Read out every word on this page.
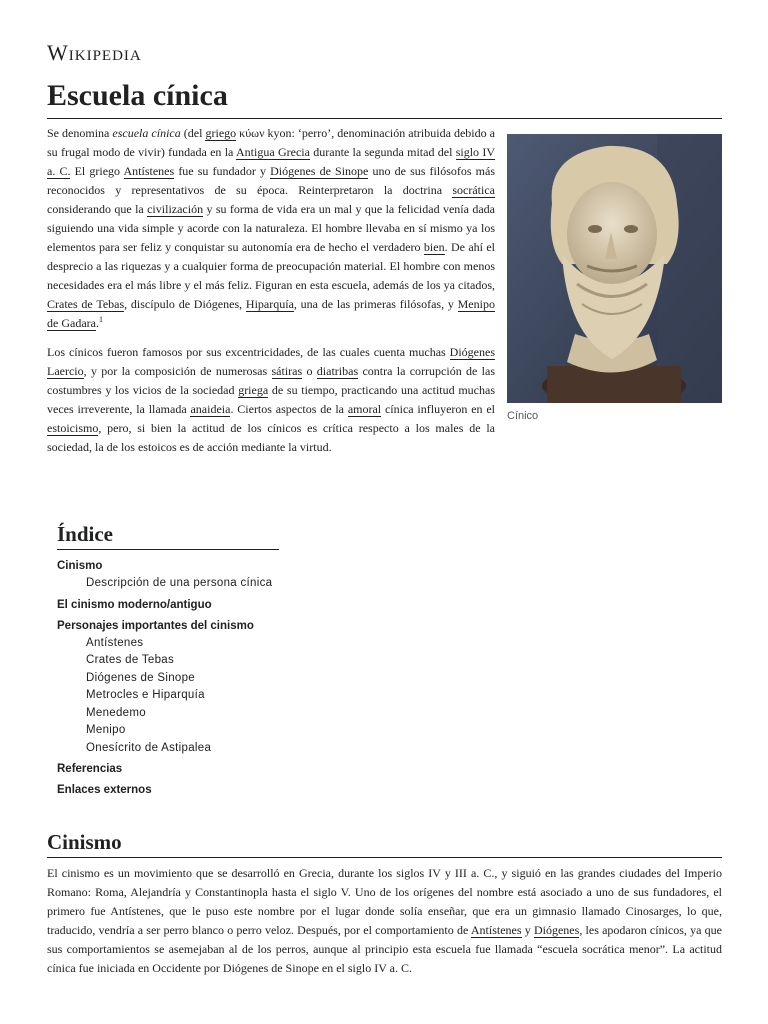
Wikipedia
Escuela cínica
Cínico

Se denomina escuela cínica (del griego κύων kyon: ‘perro’, denominación atribuida debido a su frugal modo de vivir) fundada en la Antigua Grecia durante la segunda mitad del siglo IV a. C. El griego Antístenes fue su fundador y Diógenes de Sinope uno de sus filósofos más reconocidos y representativos de su época. Reinterpretaron la doctrina socrática considerando que la civilización y su forma de vida era un mal y que la felicidad venía dada siguiendo una vida simple y acorde con la naturaleza. El hombre llevaba en sí mismo ya los elementos para ser feliz y conquistar su autonomía era de hecho el verdadero bien. De ahí el desprecio a las riquezas y a cualquier forma de preocupación material. El hombre con menos necesidades era el más libre y el más feliz. Figuran en esta escuela, además de los ya citados, Crates de Tebas, discípulo de Diógenes, Hiparquía, una de las primeras filósofas, y Menipo de Gadara.$^1$

Los cínicos fueron famosos por sus excentricidades, de las cuales cuenta muchas Diógenes Laercio, y por la composición de numerosas sátiras o diatribas contra la corrupción de las costumbres y los vicios de la sociedad griega de su tiempo, practicando una actitud muchas veces irreverente, la llamada anaideia. Ciertos aspectos de la amoral cínica influyeron en el estoicismo, pero, si bien la actitud de los cínicos es crítica respecto a los males de la sociedad, la de los estoicos es de acción mediante la virtud.

Índice
Cinismo
Descripción de una persona cínica
El cinismo moderno/antiguo
Personajes importantes del cinismo
Antístenes
Crates de Tebas
Diógenes de Sinope
Metrocles e Hiparquía
Menedemo
Menipo
Onesícrito de Astipalea
Referencias
Enlaces externos
Cinismo

El cinismo es un movimiento que se desarrolló en Grecia, durante los siglos IV y III a. C., y siguió en las grandes ciudades del Imperio Romano: Roma, Alejandría y Constantinopla hasta el siglo V. Uno de los orígenes del nombre está asociado a uno de sus fundadores, el primero fue Antístenes, que le puso este nombre por el lugar donde solía enseñar, que era un gimnasio llamado Cinosarges, lo que, traducido, vendría a ser perro blanco o perro veloz. Después, por el comportamiento de Antístenes y Diógenes, les apodaron cínicos, ya que sus comportamientos se asemejaban al de los perros, aunque al principio esta escuela fue llamada “escuela socrática menor”. La actitud cínica fue iniciada en Occidente por Diógenes de Sinope en el siglo IV a. C.
